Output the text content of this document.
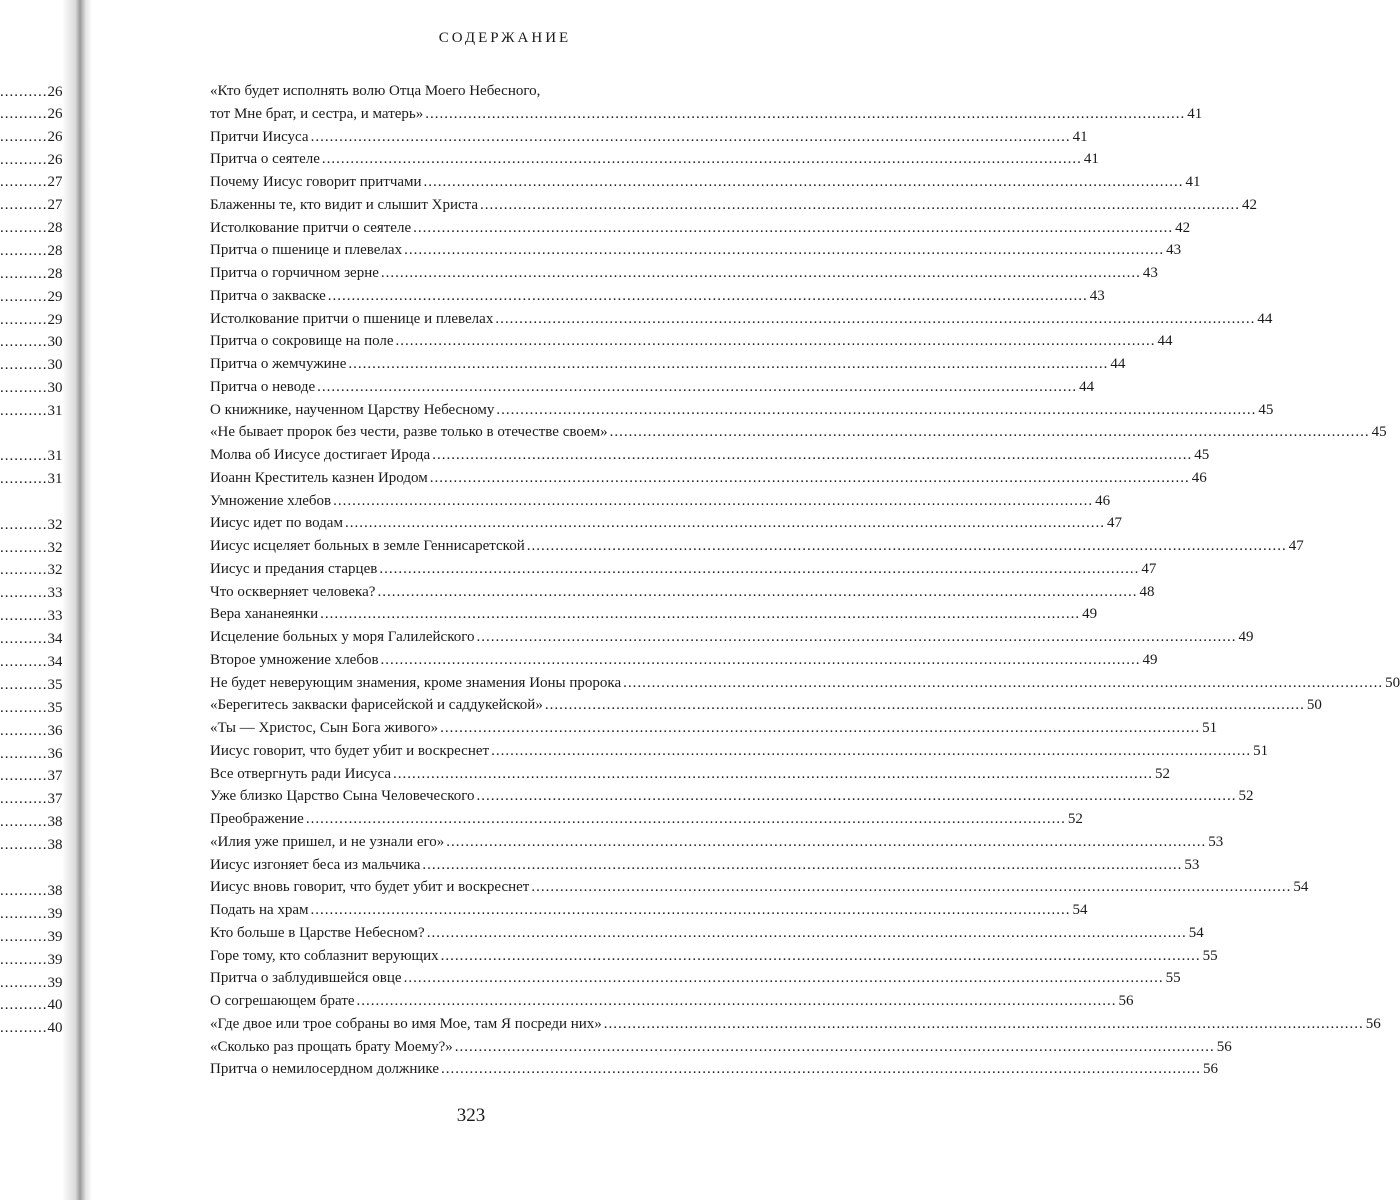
.......... 26
.......... 26
.......... 26
.......... 26
.......... 27
.......... 27
.......... 28
.......... 28
.......... 28
.......... 29
.......... 29
.......... 30
.......... 30
.......... 30
.......... 31
.......... 31
.......... 31
.......... 32
.......... 32
.......... 32
.......... 33
.......... 33
.......... 34
.......... 34
.......... 35
.......... 35
.......... 36
.......... 36
.......... 37
.......... 37
.......... 38
.......... 38
.......... 38
.......... 39
.......... 39
.......... 39
.......... 39
.......... 40
.......... 40
СОДЕРЖАНИЕ
«Кто будет исполнять волю Отца Моего Небесного,
тот Мне брат, и сестра, и матерь» .....	41
Притчи Иисуса .....	41
Притча о сеятеле .....	41
Почему Иисус говорит притчами .....	41
Блаженны те, кто видит и слышит Христа .....	42
Истолкование притчи о сеятеле .....	42
Притча о пшенице и плевелах .....	43
Притча о горчичном зерне .....	43
Притча о закваске .....	43
Истолкование притчи о пшенице и плевелах .....	44
Притча о сокровище на поле .....	44
Притча о жемчужине .....	44
Притча о неводе .....	44
О книжнике, наученном Царству Небесному .....	45
«Не бывает пророк без чести, разве только в отечестве своем» .....	45
Молва об Иисусе достигает Ирода .....	45
Иоанн Креститель казнен Иродом .....	46
Умножение хлебов .....	46
Иисус идет по водам .....	47
Иисус исцеляет больных в земле Геннисаретской .....	47
Иисус и предания старцев .....	47
Что оскверняет человека? .....	48
Вера хананеянки .....	49
Исцеление больных у моря Галилейского .....	49
Второе умножение хлебов .....	49
Не будет неверующим знамения, кроме знамения Ионы пророка .....	50
«Берегитесь закваски фарисейской и саддукейской» .....	50
«Ты — Христос, Сын Бога живого» .....	51
Иисус говорит, что будет убит и воскреснет .....	51
Все отвергнуть ради Иисуса .....	52
Уже близко Царство Сына Человеческого .....	52
Преображение .....	52
«Илия уже пришел, и не узнали его» .....	53
Иисус изгоняет беса из мальчика .....	53
Иисус вновь говорит, что будет убит и воскреснет .....	54
Подать на храм .....	54
Кто больше в Царстве Небесном? .....	54
Горе тому, кто соблазнит верующих .....	55
Притча о заблудившейся овце .....	55
О согрешающем брате .....	56
«Где двое или трое собраны во имя Мое, там Я посреди них» .....	56
«Сколько раз прощать брату Моему?» .....	56
Притча о немилосердном должнике .....	56
323
